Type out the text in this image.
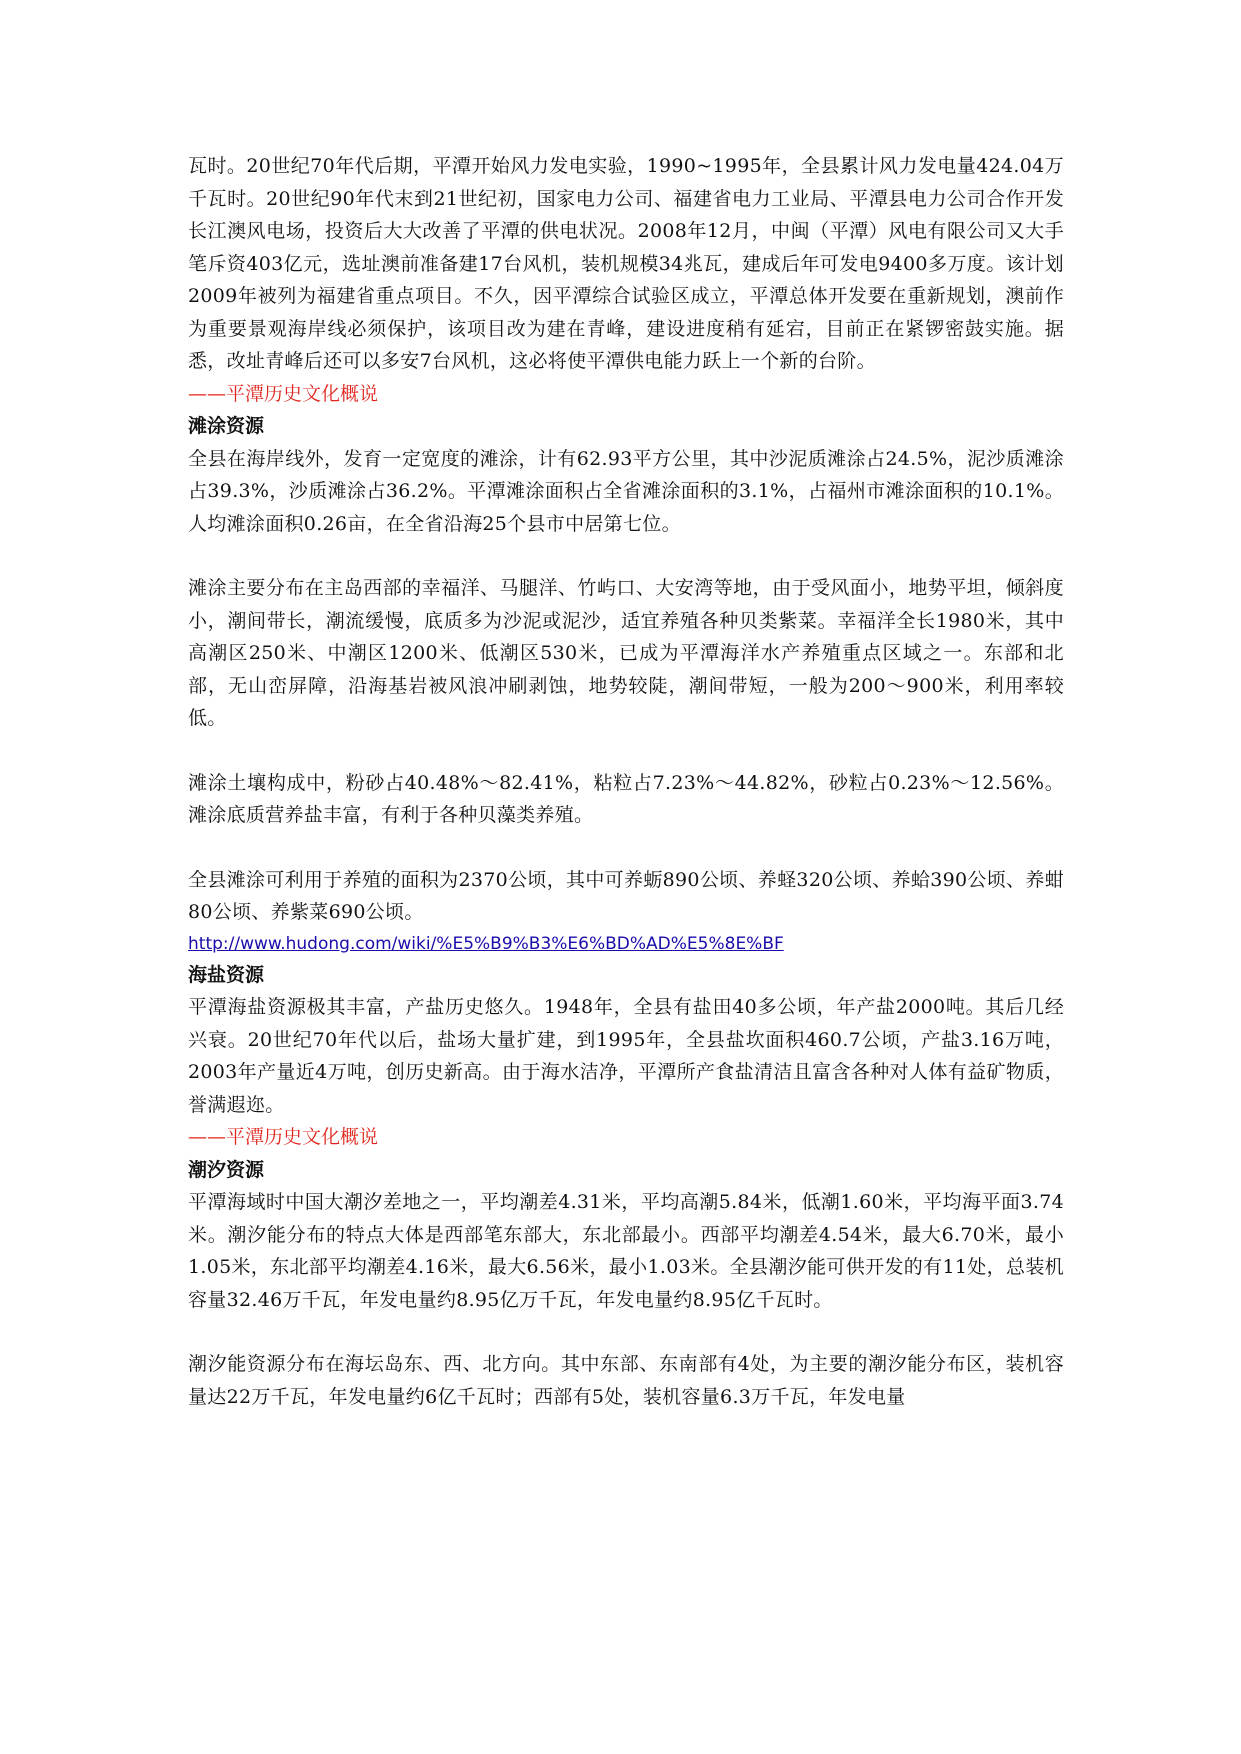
瓦时。20世纪70年代后期，平潭开始风力发电实验，1990~1995年，全县累计风力发电量424.04万千瓦时。20世纪90年代末到21世纪初，国家电力公司、福建省电力工业局、平潭县电力公司合作开发长江澳风电场，投资后大大改善了平潭的供电状况。2008年12月，中闽（平潭）风电有限公司又大手笔斥资403亿元，选址澳前准备建17台风机，装机规模34兆瓦，建成后年可发电9400多万度。该计划2009年被列为福建省重点项目。不久，因平潭综合试验区成立，平潭总体开发要在重新规划，澳前作为重要景观海岸线必须保护，该项目改为建在青峰，建设进度稍有延宕，目前正在紧锣密鼓实施。据悉，改址青峰后还可以多安7台风机，这必将使平潭供电能力跃上一个新的台阶。

——平潭历史文化概说

滩涂资源

全县在海岸线外，发育一定宽度的滩涂，计有62.93平方公里，其中沙泥质滩涂占24.5%，泥沙质滩涂占39.3%，沙质滩涂占36.2%。平潭滩涂面积占全省滩涂面积的3.1%，占福州市滩涂面积的10.1%。人均滩涂面积0.26亩，在全省沿海25个县市中居第七位。

滩涂主要分布在主岛西部的幸福洋、马腿洋、竹屿口、大安湾等地，由于受风面小，地势平坦，倾斜度小，潮间带长，潮流缓慢，底质多为沙泥或泥沙，适宜养殖各种贝类紫菜。幸福洋全长1980米，其中高潮区250米、中潮区1200米、低潮区530米，已成为平潭海洋水产养殖重点区域之一。东部和北部，无山峦屏障，沿海基岩被风浪冲刷剥蚀，地势较陡，潮间带短，一般为200～900米，利用率较低。

滩涂土壤构成中，粉砂占40.48%～82.41%，粘粒占7.23%～44.82%，砂粒占0.23%～12.56%。滩涂底质营养盐丰富，有利于各种贝藻类养殖。

全县滩涂可利用于养殖的面积为2370公顷，其中可养蛎890公顷、养蛏320公顷、养蛤390公顷、养蚶80公顷、养紫菜690公顷。

http://www.hudong.com/wiki/%E5%B9%B3%E6%BD%AD%E5%8E%BF

海盐资源

平潭海盐资源极其丰富，产盐历史悠久。1948年，全县有盐田40多公顷，年产盐2000吨。其后几经兴衰。20世纪70年代以后，盐场大量扩建，到1995年，全县盐坎面积460.7公顷，产盐3.16万吨，2003年产量近4万吨，创历史新高。由于海水洁净，平潭所产食盐清洁且富含各种对人体有益矿物质，誉满遐迩。

——平潭历史文化概说

潮汐资源

平潭海域时中国大潮汐差地之一，平均潮差4.31米，平均高潮5.84米，低潮1.60米，平均海平面3.74米。潮汐能分布的特点大体是西部笔东部大，东北部最小。西部平均潮差4.54米，最大6.70米，最小1.05米，东北部平均潮差4.16米，最大6.56米，最小1.03米。全县潮汐能可供开发的有11处，总装机容量32.46万千瓦，年发电量约8.95亿万千瓦，年发电量约8.95亿千瓦时。

潮汐能资源分布在海坛岛东、西、北方向。其中东部、东南部有4处，为主要的潮汐能分布区，装机容量达22万千瓦，年发电量约6亿千瓦时；西部有5处，装机容量6.3万千瓦，年发电量
